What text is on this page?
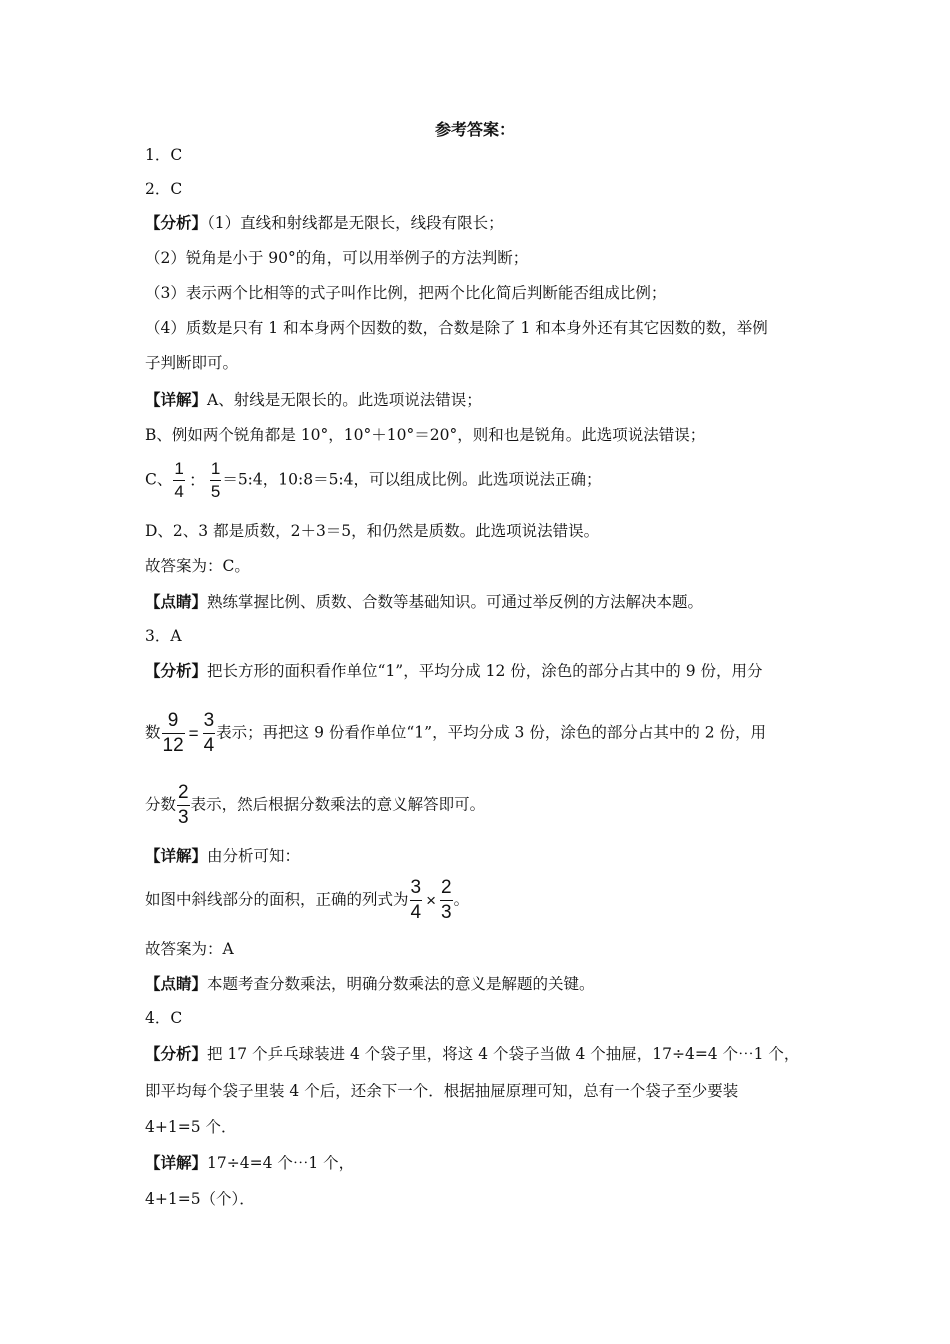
参考答案：
1．C
2．C
【分析】（1）直线和射线都是无限长，线段有限长；
（2）锐角是小于 90°的角，可以用举例子的方法判断；
（3）表示两个比相等的式子叫作比例，把两个比化简后判断能否组成比例；
（4）质数是只有 1 和本身两个因数的数，合数是除了 1 和本身外还有其它因数的数，举例
子判断即可。
【详解】A、射线是无限长的。此选项说法错误；
B、例如两个锐角都是 10°，10°＋10°＝20°，则和也是锐角。此选项说法错误；
C、 $\frac{1}{4}$ ： $\frac{1}{5}$ ＝5:4，10:8＝5:4，可以组成比例。此选项说法正确；
D、2、3 都是质数，2＋3＝5，和仍然是质数。此选项说法错误。
故答案为：C。
【点睛】熟练掌握比例、质数、合数等基础知识。可通过举反例的方法解决本题。
3．A
【分析】把长方形的面积看作单位“1”，平均分成 12 份，涂色的部分占其中的 9 份，用分
数 $\frac{9}{12} = \frac{3}{4}$ 表示；再把这 9 份看作单位“1”，平均分成 3 份，涂色的部分占其中的 2 份，用
分数 $\frac{2}{3}$ 表示，然后根据分数乘法的意义解答即可。
【详解】由分析可知：
如图中斜线部分的面积，正确的列式为 $\frac{3}{4} \times \frac{2}{3}$ 。
故答案为：A
【点睛】本题考查分数乘法，明确分数乘法的意义是解题的关键。
4．C
【分析】把 17 个乒乓球装进 4 个袋子里，将这 4 个袋子当做 4 个抽屉，17÷4=4 个⋯1 个，
即平均每个袋子里装 4 个后，还余下一个．根据抽屉原理可知，总有一个袋子至少要装
4+1=5 个．
【详解】17÷4=4 个⋯1 个，
4+1=5（个）．
